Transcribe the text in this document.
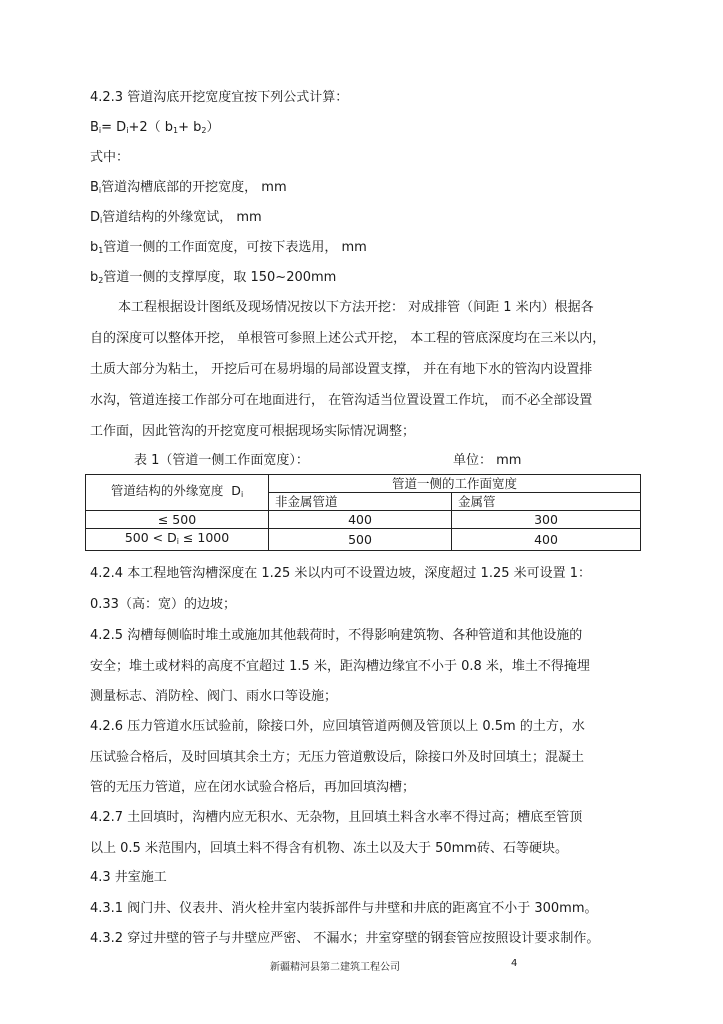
4.2.3 管道沟底开挖宽度宜按下列公式计算：
$B_i= D_i+2$（ $b_1+ b_2$）
式中：
$B_i$管道沟槽底部的开挖宽度， mm
$D_i$管道结构的外缘宽试， mm
$b_1$管道一侧的工作面宽度，可按下表选用， mm
$b_2$管道一侧的支撑厚度，取 150~200mm
本工程根据设计图纸及现场情况按以下方法开挖： 对成排管（间距 1 米内）根据各
自的深度可以整体开挖， 单根管可参照上述公式开挖， 本工程的管底深度均在三米以内，
土质大部分为粘土， 开挖后可在易坍塌的局部设置支撑， 并在有地下水的管沟内设置排
水沟，管道连接工作部分可在地面进行， 在管沟适当位置设置工作坑， 而不必全部设置
工作面，因此管沟的开挖宽度可根据现场实际情况调整；
表 1（管道一侧工作面宽度）：	单位： mm
管道结构的外缘宽度 $D_i$	管道一侧的工作面宽度	
	非金属管道	金属管
≤ 500	400	300
$500 < D_i \le 1000$	500	400
4.2.4 本工程地管沟槽深度在 1.25 米以内可不设置边坡，深度超过 1.25 米可设置 1：
0.33（高：宽）的边坡；
4.2.5 沟槽每侧临时堆土或施加其他载荷时，不得影响建筑物、各种管道和其他设施的
安全；堆土或材料的高度不宜超过 1.5 米，距沟槽边缘宜不小于 0.8 米，堆土不得掩埋
测量标志、消防栓、阀门、雨水口等设施；
4.2.6 压力管道水压试验前，除接口外，应回填管道两侧及管顶以上 0.5m 的土方，水
压试验合格后，及时回填其余土方；无压力管道敷设后，除接口外及时回填土；混凝土
管的无压力管道，应在闭水试验合格后，再加回填沟槽；
4.2.7 土回填时，沟槽内应无积水、无杂物，且回填土料含水率不得过高；槽底至管顶
以上 0.5 米范围内，回填土料不得含有机物、冻土以及大于 50mm砖、石等硬块。
4.3 井室施工
4.3.1 阀门井、仪表井、消火栓井室内装拆部件与井壁和井底的距离宜不小于 300mm。
4.3.2 穿过井壁的管子与井壁应严密、 不漏水；井室穿壁的钢套管应按照设计要求制作。
新疆精河县第二建筑工程公司	4
